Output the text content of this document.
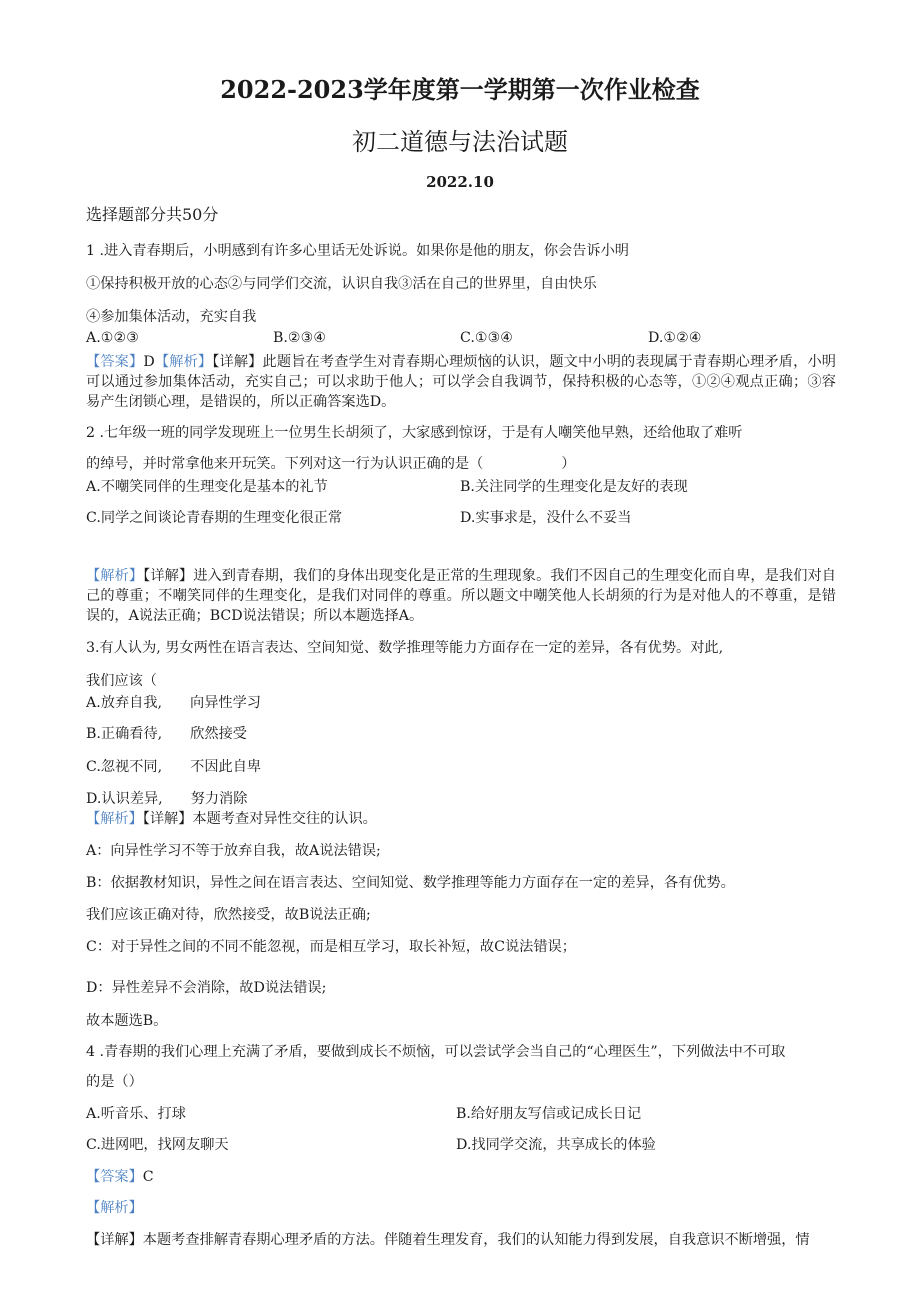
2022-2023学年度第一学期第一次作业检查
初二道德与法治试题
2022.10
选择题部分共50分
1 .进入青春期后，小明感到有许多心里话无处诉说。如果你是他的朋友，你会告诉小明
①保持积极开放的心态②与同学们交流，认识自我③活在自己的世界里，自由快乐
④参加集体活动，充实自我
A.①②③	B.②③④	C.①③④	D.①②④
【答案】D【解析】【详解】此题旨在考查学生对青春期心理烦恼的认识，题文中小明的表现属于青春期心理矛盾，小明可以通过参加集体活动，充实自己；可以求助于他人；可以学会自我调节，保持积极的心态等，①②④观点正确；③容易产生闭锁心理，是错误的，所以正确答案选D。
2 .七年级一班的同学发现班上一位男生长胡须了，大家感到惊讶，于是有人嘲笑他早熟，还给他取了难听
的绰号，并时常拿他来开玩笑。下列对这一行为认识正确的是（	）
A.不嘲笑同伴的生理变化是基本的礼节	B.关注同学的生理变化是友好的表现
C.同学之间谈论青春期的生理变化很正常	D.实事求是，没什么不妥当
【解析】【详解】进入到青春期，我们的身体出现变化是正常的生理现象。我们不因自己的生理变化而自卑，是我们对自己的尊重；不嘲笑同伴的生理变化，是我们对同伴的尊重。所以题文中嘲笑他人长胡须的行为是对他人的不尊重，是错误的，A说法正确；BCD说法错误；所以本题选择A。
3.有人认为, 男女两性在语言表达、空间知觉、数学推理等能力方面存在一定的差异，各有优势。对此,
我们应该（
A.放弃自我, 向异性学习
B.正确看待, 欣然接受
C.忽视不同, 不因此自卑
D.认识差异, 努力消除
【解析】【详解】本题考查对异性交往的认识。
A：向异性学习不等于放弃自我，故A说法错误;
B：依据教材知识，异性之间在语言表达、空间知觉、数学推理等能力方面存在一定的差异，各有优势。
我们应该正确对待，欣然接受，故B说法正确;
C：对于异性之间的不同不能忽视，而是相互学习，取长补短，故C说法错误；
D：异性差异不会消除，故D说法错误;
故本题选B。
4 .青春期的我们心理上充满了矛盾，要做到成长不烦恼，可以尝试学会当自己的“心理医生”，下列做法中不可取
的是（）
A.听音乐、打球	B.给好朋友写信或记成长日记
C.进网吧，找网友聊天	D.找同学交流，共享成长的体验
【答案】C
【解析】
【详解】本题考查排解青春期心理矛盾的方法。伴随着生理发育，我们的认知能力得到发展，自我意识不断增强，情
